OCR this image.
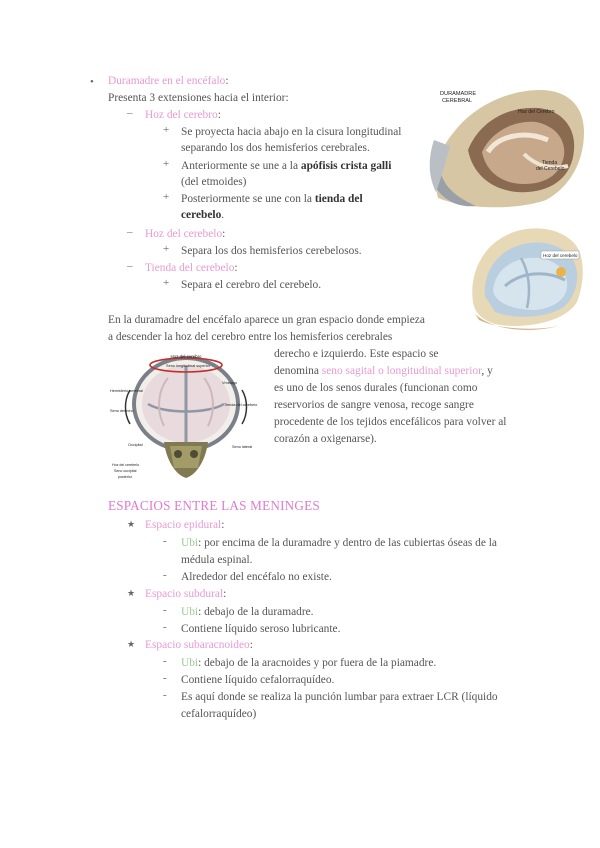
• Duramadre en el encéfalo:
Presenta 3 extensiones hacia el interior:
– Hoz del cerebro:
+ Se proyecta hacia abajo en la cisura longitudinal
separando los dos hemisferios cerebrales.
+ Anteriormente se une a la apófisis crista galli
(del etmoides)
+ Posteriormente se une con la tienda del
cerebelo.
– Hoz del cerebelo:
+ Separa los dos hemisferios cerebelosos.
– Tienda del cerebelo:
+ Separa el cerebro del cerebelo.
DURAMADRE
CEREBRAL
Hoz del Cerebro
Tienda
del Cerebelo
Hoz del cerebelo
En la duramadre del encéfalo aparece un gran espacio donde empieza
a descender la hoz del cerebro entre los hemisferios cerebrales
derecho e izquierdo. Este espacio se
denomina seno sagital o longitudinal superior, y
es uno de los senos durales (funcionan como
reservorios de sangre venosa, recoge sangre
procedente de los tejidos encefálicos para volver al
corazón a oxigenarse).
Hoz del cerebro
Seno longitudinal superior
Hemisferio cerebral
Seno derecho
Occipital
Vmbiago
Tienda del cerebelo
Seno lateral
Hoz del cerebelo
Seno occipital
posterior
ESPACIOS ENTRE LAS MENINGES
★ Espacio epidural:
- Ubi: por encima de la duramadre y dentro de las cubiertas óseas de la
médula espinal.
- Alrededor del encéfalo no existe.
★ Espacio subdural:
- Ubi: debajo de la duramadre.
- Contiene líquido seroso lubricante.
★ Espacio subaracnoideo:
- Ubi: debajo de la aracnoides y por fuera de la piamadre.
- Contiene líquido cefalorraquídeo.
- Es aquí donde se realiza la punción lumbar para extraer LCR (líquido
cefalorraquídeo)
